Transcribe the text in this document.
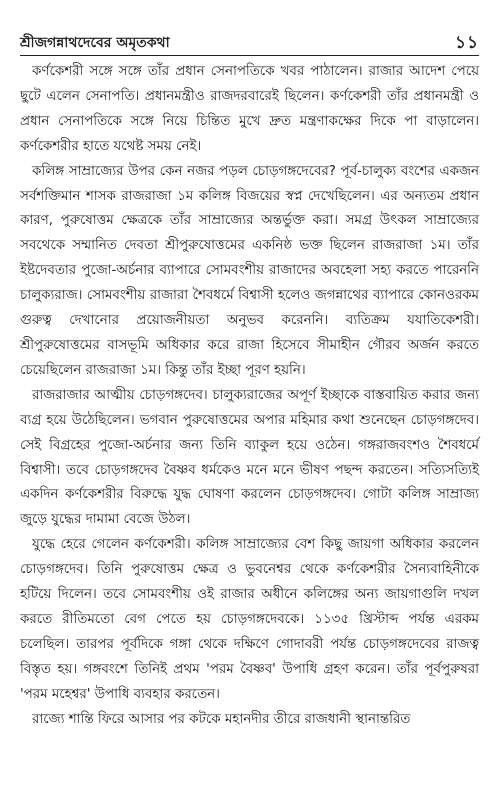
শ্রীজগন্নাথদেবের অমৃতকথা	১১

কর্ণকেশরী সঙ্গে সঙ্গে তাঁর প্রধান সেনাপতিকে খবর পাঠালেন। রাজার আদেশ পেয়ে ছুটে এলেন সেনাপতি। প্রধানমন্ত্রীও রাজদরবারেই ছিলেন। কর্ণকেশরী তাঁর প্রধানমন্ত্রী ও প্রধান সেনাপতিকে সঙ্গে নিয়ে চিন্তিত মুখে দ্রুত মন্ত্রণাকক্ষের দিকে পা বাড়ালেন। কর্ণকেশরীর হাতে যথেষ্ট সময় নেই।

কলিঙ্গ সাম্রাজ্যের উপর কেন নজর পড়ল চোড়গঙ্গদেবের? পূর্ব-চালুক্য বংশের একজন সর্বশক্তিমান শাসক রাজরাজা ১ম কলিঙ্গ বিজয়ের স্বপ্ন দেখেছিলেন। এর অন্যতম প্রধান কারণ, পুরুষোত্তম ক্ষেত্রকে তাঁর সাম্রাজ্যের অন্তর্ভুক্ত করা। সমগ্র উৎকল সাম্রাজ্যের সবথেকে সম্মানিত দেবতা শ্রীপুরুষোত্তমের একনিষ্ঠ ভক্ত ছিলেন রাজরাজা ১ম। তাঁর ইষ্টদেবতার পুজো-অর্চনার ব্যাপারে সোমবংশীয় রাজাদের অবহেলা সহ্য করতে পারেননি চালুক্যরাজ। সোমবংশীয় রাজারা শৈবধর্মে বিশ্বাসী হলেও জগন্নাথের ব্যাপারে কোনওরকম গুরুত্ব দেখানোর প্রয়োজনীয়তা অনুভব করেননি। ব্যতিক্রম যযাতিকেশরী। শ্রীপুরুষোত্তমের বাসভূমি অধিকার করে রাজা হিসেবে সীমাহীন গৌরব অর্জন করতে চেয়েছিলেন রাজরাজা ১ম। কিন্তু তাঁর ইচ্ছা পূরণ হয়নি।

রাজরাজার আত্মীয় চোড়গঙ্গদেব। চালুক্যরাজের অপূর্ণ ইচ্ছাকে বাস্তবায়িত করার জন্য ব্যগ্র হয়ে উঠেছিলেন। ভগবান পুরুষোত্তমের অপার মহিমার কথা শুনেছেন চোড়গঙ্গদেব। সেই বিগ্রহের পুজো-অর্চনার জন্য তিনি ব্যাকুল হয়ে ওঠেন। গঙ্গরাজবংশও শৈবধর্মে বিশ্বাসী। তবে চোড়গঙ্গদেব বৈষ্ণব ধর্মকেও মনে মনে ভীষণ পছন্দ করতেন। সত্যিসত্যিই একদিন কর্ণকেশরীর বিরুদ্ধে যুদ্ধ ঘোষণা করলেন চোড়গঙ্গদেব। গোটা কলিঙ্গ সাম্রাজ্য জুড়ে যুদ্ধের দামামা বেজে উঠল।

যুদ্ধে হেরে গেলেন কর্ণকেশরী। কলিঙ্গ সাম্রাজ্যের বেশ কিছু জায়গা অধিকার করলেন চোড়গঙ্গদেব। তিনি পুরুষোত্তম ক্ষেত্র ও ভুবনেশ্বর থেকে কর্ণকেশরীর সৈন্যবাহিনীকে হটিয়ে দিলেন। তবে সোমবংশীয় ওই রাজার অধীনে কলিঙ্গের অন্য জায়গাগুলি দখল করতে রীতিমতো বেগ পেতে হয় চোড়গঙ্গদেবকে। ১১৩৫ খ্রিস্টাব্দ পর্যন্ত এরকম চলেছিল। তারপর পূর্বদিকে গঙ্গা থেকে দক্ষিণে গোদাবরী পর্যন্ত চোড়গঙ্গদেবের রাজত্ব বিস্তৃত হয়। গঙ্গবংশে তিনিই প্রথম 'পরম বৈষ্ণব' উপাধি গ্রহণ করেন। তাঁর পূর্বপুরুষরা 'পরম মহেশ্বর' উপাধি ব্যবহার করতেন।

রাজ্যে শান্তি ফিরে আসার পর কটকে মহানদীর তীরে রাজধানী স্থানান্তরিত
